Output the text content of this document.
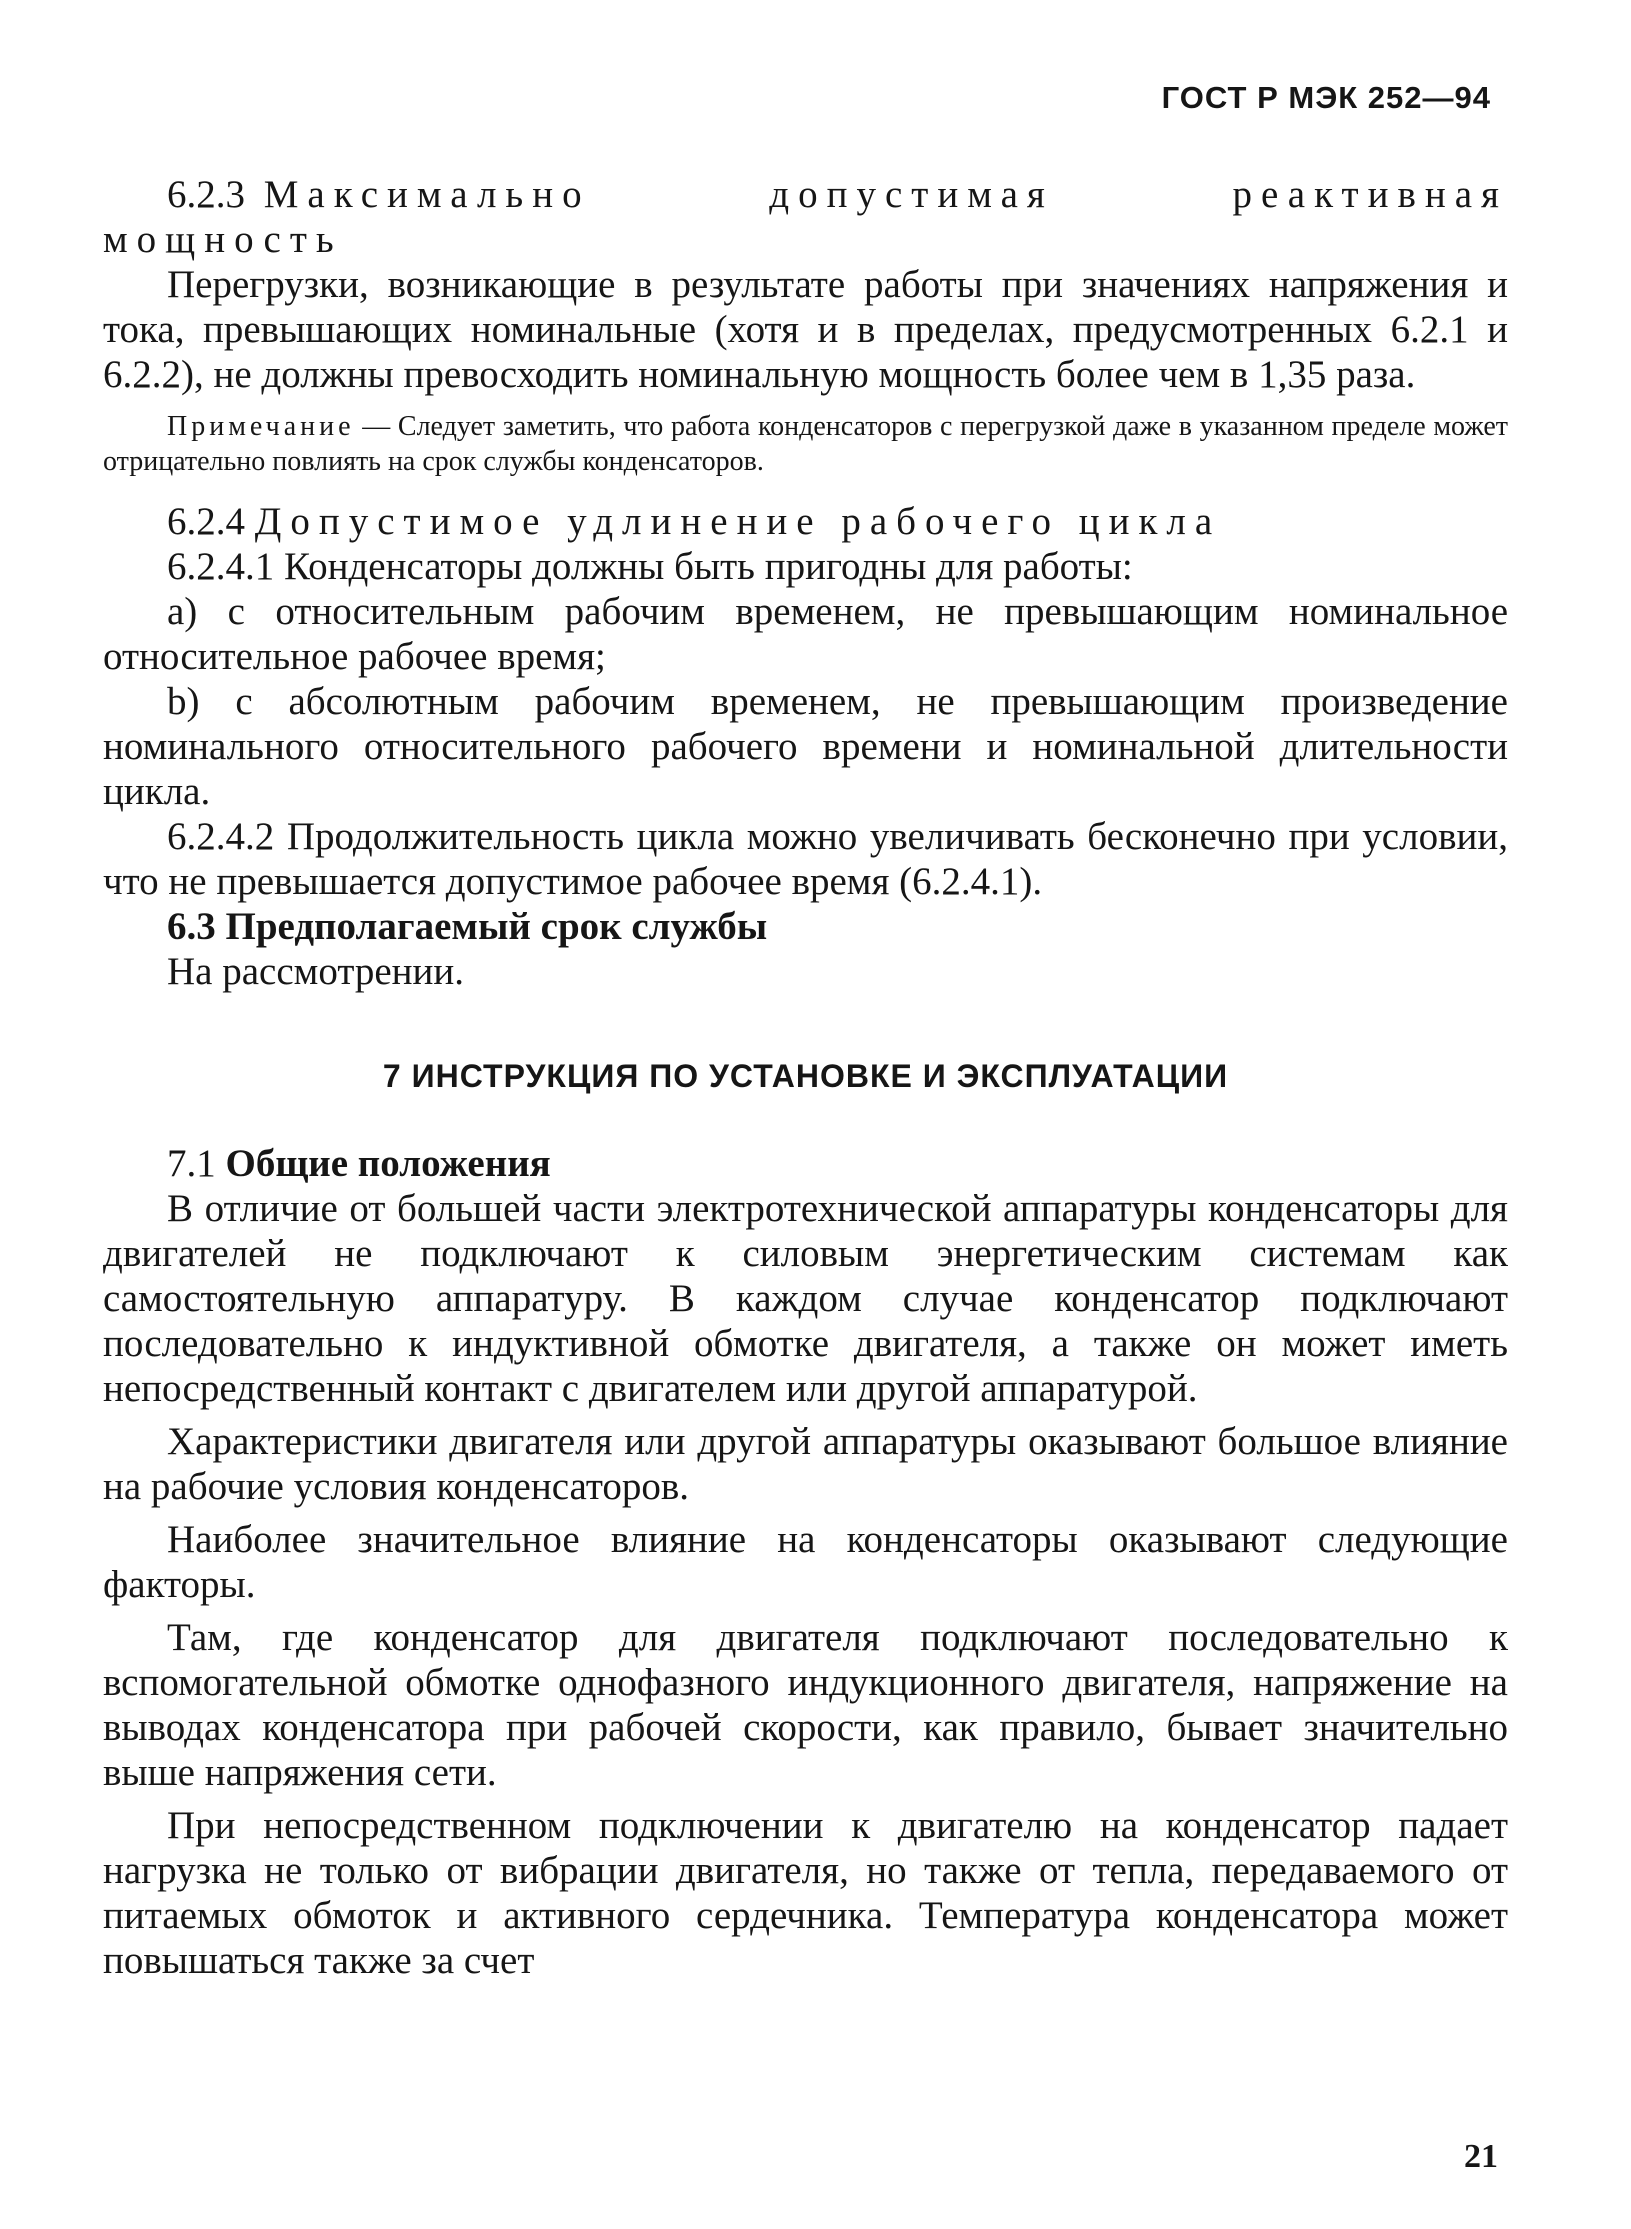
ГОСТ Р МЭК 252—94
6.2.3 Максимально	допустимая	реактивная

мощность

Перегрузки, возникающие в результате работы при значениях напряжения и тока, превышающих номинальные (хотя и в пределах, предусмотренных 6.2.1 и 6.2.2), не должны превосходить номинальную мощность более чем в 1,35 раза.

Примечание — Следует заметить, что работа конденсаторов с перегрузкой даже в указанном пределе может отрицательно повлиять на срок службы конденсаторов.

6.2.4 Допустимое удлинение рабочего цикла

6.2.4.1 Конденсаторы должны быть пригодны для работы:

а) с относительным рабочим временем, не превышающим номинальное относительное рабочее время;

b) с абсолютным рабочим временем, не превышающим произведение номинального относительного рабочего времени и номинальной длительности цикла.

6.2.4.2 Продолжительность цикла можно увеличивать бесконечно при условии, что не превышается допустимое рабочее время (6.2.4.1).

6.3 Предполагаемый срок службы

На рассмотрении.

7 ИНСТРУКЦИЯ ПО УСТАНОВКЕ И ЭКСПЛУАТАЦИИ

7.1 Общие положения

В отличие от большей части электротехнической аппаратуры конденсаторы для двигателей не подключают к силовым энергетическим системам как самостоятельную аппаратуру. В каждом случае конденсатор подключают последовательно к индуктивной обмотке двигателя, а также он может иметь непосредственный контакт с двигателем или другой аппаратурой.

Характеристики двигателя или другой аппаратуры оказывают большое влияние на рабочие условия конденсаторов.

Наиболее значительное влияние на конденсаторы оказывают следующие факторы.

Там, где конденсатор для двигателя подключают последовательно к вспомогательной обмотке однофазного индукционного двигателя, напряжение на выводах конденсатора при рабочей скорости, как правило, бывает значительно выше напряжения сети.

При непосредственном подключении к двигателю на конденсатор падает нагрузка не только от вибрации двигателя, но также от тепла, передаваемого от питаемых обмоток и активного сердечника. Температура конденсатора может повышаться также за счет

21
